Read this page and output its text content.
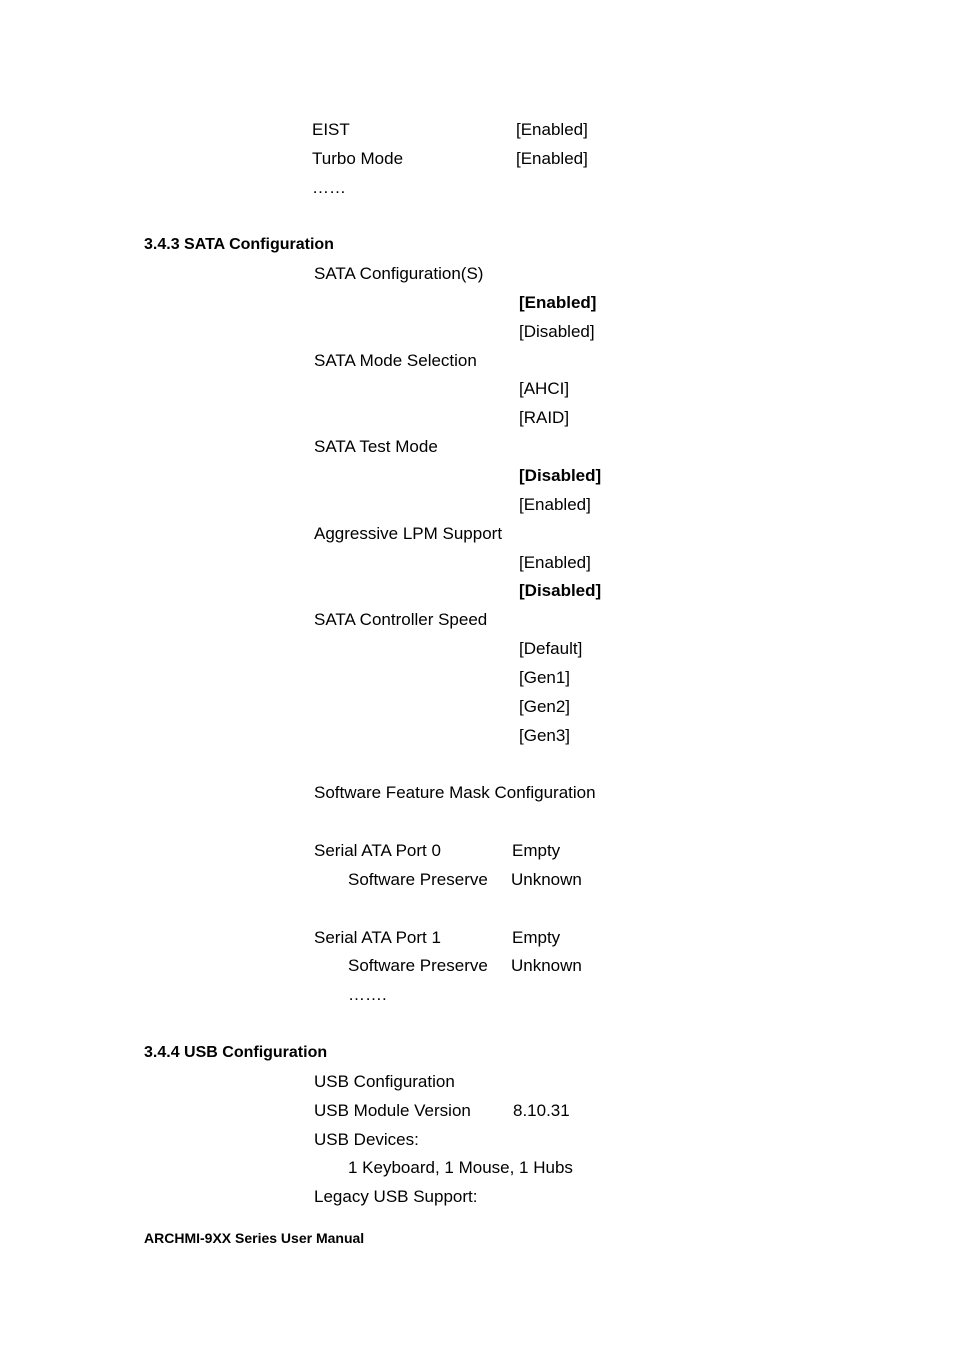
EIST	[Enabled]
Turbo Mode	[Enabled]
……
3.4.3 SATA Configuration
SATA Configuration(S)
[Enabled]
[Disabled]
SATA Mode Selection
[AHCI]
[RAID]
SATA Test Mode
[Disabled]
[Enabled]
Aggressive LPM Support
[Enabled]
[Disabled]
SATA Controller Speed
[Default]
[Gen1]
[Gen2]
[Gen3]
Software Feature Mask Configuration
Serial ATA Port 0	Empty
Software Preserve Unknown
Serial ATA Port 1	Empty
Software Preserve Unknown
…….
3.4.4 USB Configuration
USB Configuration
USB Module Version 8.10.31
USB Devices:
1 Keyboard, 1 Mouse, 1 Hubs
Legacy USB Support:
ARCHMI-9XX Series User Manual
